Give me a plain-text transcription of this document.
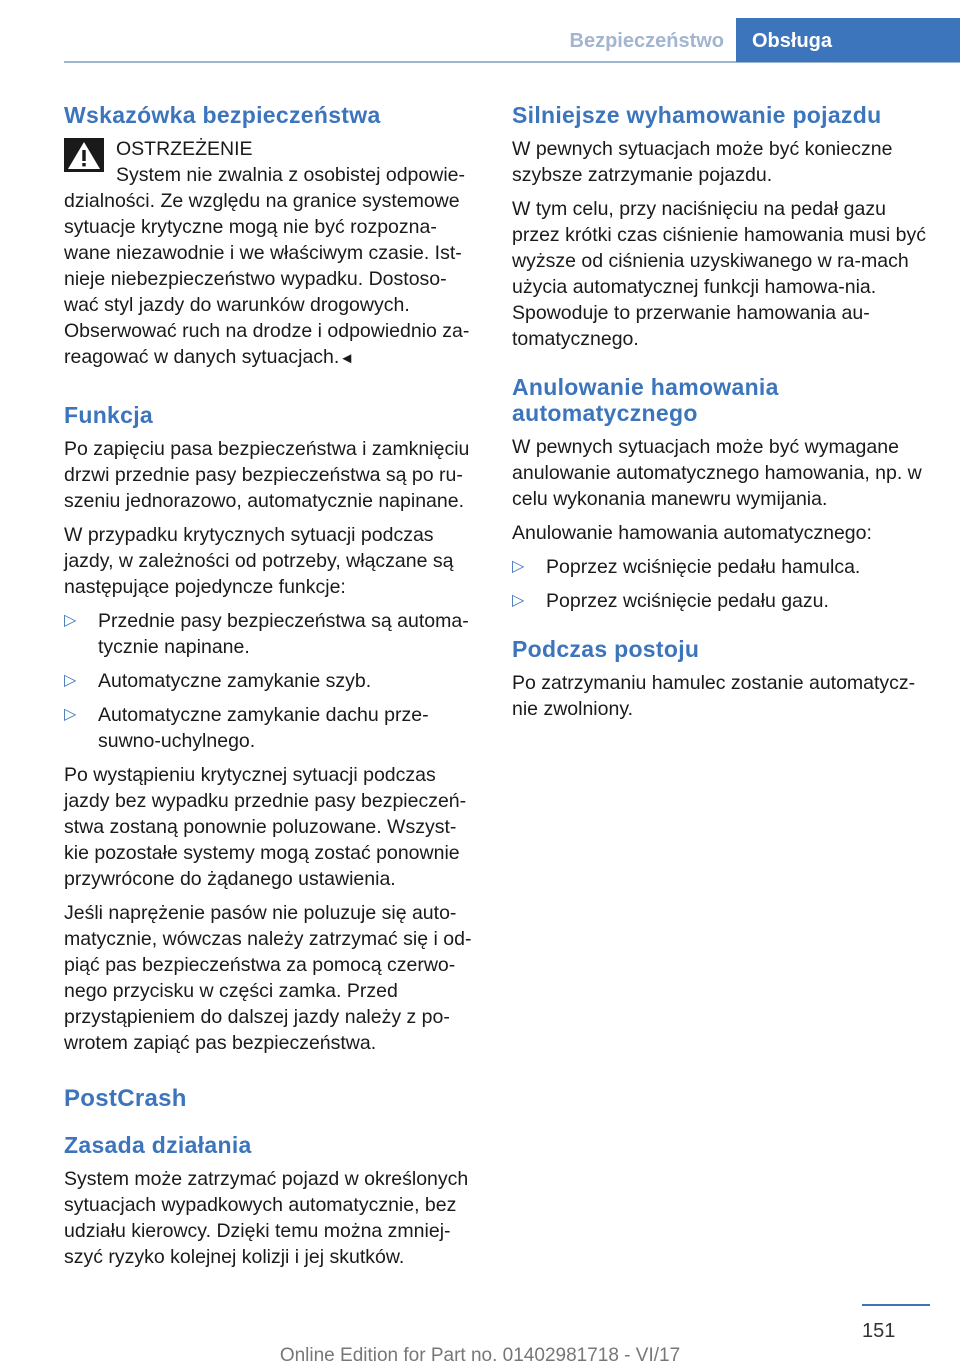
Bezpieczeństwo	Obsługa
Wskazówka bezpieczeństwa
OSTRZEŻENIE

System nie zwalnia z osobistej odpowie-dzialności. Ze względu na granice systemowe sytuacje krytyczne mogą nie być rozpozna-wane niezawodnie i we właściwym czasie. Ist-nieje niebezpieczeństwo wypadku. Dostoso-wać styl jazdy do warunków drogowych. Obserwować ruch na drodze i odpowiednio za-reagować w danych sytuacjach.◄

Funkcja

Po zapięciu pasa bezpieczeństwa i zamknięciu drzwi przednie pasy bezpieczeństwa są po ru-szeniu jednorazowo, automatycznie napinane.

W przypadku krytycznych sytuacji podczas jazdy, w zależności od potrzeby, włączane są następujące pojedyncze funkcje:

▷ Przednie pasy bezpieczeństwa są automa-tycznie napinane.
▷ Automatyczne zamykanie szyb.
▷ Automatyczne zamykanie dachu prze-suwno-uchylnego.

Po wystąpieniu krytycznej sytuacji podczas jazdy bez wypadku przednie pasy bezpieczeń-stwa zostaną ponownie poluzowane. Wszyst-kie pozostałe systemy mogą zostać ponownie przywrócone do żądanego ustawienia.

Jeśli naprężenie pasów nie poluzuje się auto-matycznie, wówczas należy zatrzymać się i od-piąć pas bezpieczeństwa za pomocą czerwo-nego przycisku w części zamka. Przed przystąpieniem do dalszej jazdy należy z po-wrotem zapiąć pas bezpieczeństwa.

PostCrash
Zasada działania

System może zatrzymać pojazd w określonych sytuacjach wypadkowych automatycznie, bez udziału kierowcy. Dzięki temu można zmniej-szyć ryzyko kolejnej kolizji i jej skutków.

Silniejsze wyhamowanie pojazdu

W pewnych sytuacjach może być konieczne szybsze zatrzymanie pojazdu.

W tym celu, przy naciśnięciu na pedał gazu przez krótki czas ciśnienie hamowania musi być wyższe od ciśnienia uzyskiwanego w ra-mach użycia automatycznej funkcji hamowa-nia. Spowoduje to przerwanie hamowania au-tomatycznego.

Anulowanie hamowania automatycznego

W pewnych sytuacjach może być wymagane anulowanie automatycznego hamowania, np. w celu wykonania manewru wymijania.

Anulowanie hamowania automatycznego:

▷ Poprzez wciśnięcie pedału hamulca.
▷ Poprzez wciśnięcie pedału gazu.
Podczas postoju

Po zatrzymaniu hamulec zostanie automatycz-nie zwolniony.

151
Online Edition for Part no. 01402981718 - VI/17
